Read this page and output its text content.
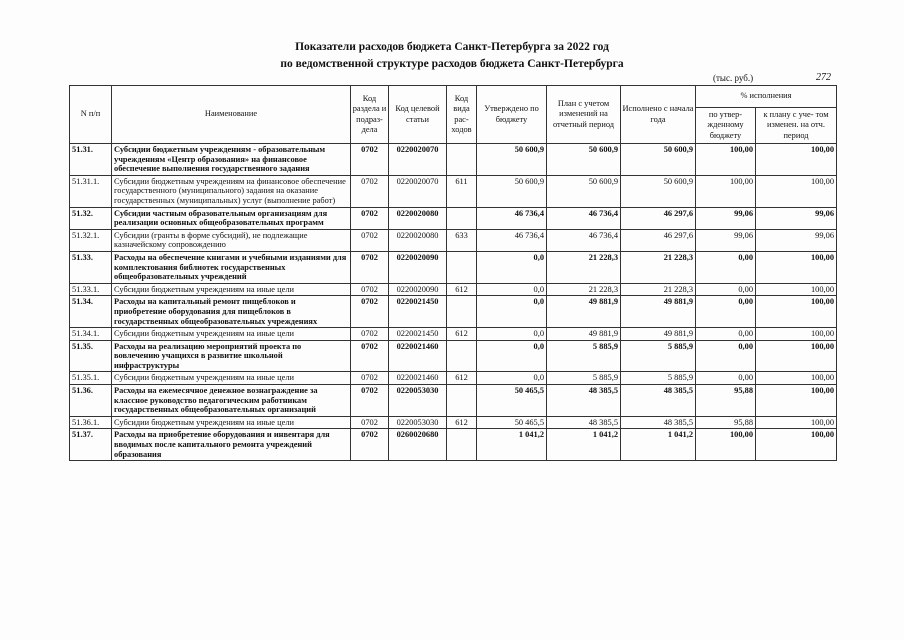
Показатели расходов бюджета Санкт-Петербурга за 2022 год
по ведомственной структуре расходов бюджета Санкт-Петербурга
(тыс. руб.)	272
N п/п	Наименование	Код раздела и подраз- дела	Код целевой статьи	Код вида рас- ходов	Утверждено по бюджету	План с учетом изменений на отчетный период	Исполнено с начала года	% исполнения	
								по утвер- жденному бюджету	к плану с уче- том изменен. на отч. период
51.31.	Субсидии бюджетным учреждениям - образовательным учреждениям «Центр образования» на финансовое обеспечение выполнения государственного задания	0702	0220020070		50 600,9	50 600,9	50 600,9	100,00	100,00
51.31.1.	Субсидии бюджетным учреждениям на финансовое обеспечение государственного (муниципального) задания на оказание государственных (муниципальных) услуг (выполнение работ)	0702	0220020070	611	50 600,9	50 600,9	50 600,9	100,00	100,00
51.32.	Субсидии частным образовательным организациям для реализации основных общеобразовательных программ	0702	0220020080		46 736,4	46 736,4	46 297,6	99,06	99,06
51.32.1.	Субсидии (гранты в форме субсидий), не подлежащие казначейскому сопровождению	0702	0220020080	633	46 736,4	46 736,4	46 297,6	99,06	99,06
51.33.	Расходы на обеспечение книгами и учебными изданиями для комплектования библиотек государственных общеобразовательных учреждений	0702	0220020090		0,0	21 228,3	21 228,3	0,00	100,00
51.33.1.	Субсидии бюджетным учреждениям на иные цели	0702	0220020090	612	0,0	21 228,3	21 228,3	0,00	100,00
51.34.	Расходы на капитальный ремонт пищеблоков и приобретение оборудования для пищеблоков в государственных общеобразовательных учреждениях	0702	0220021450		0,0	49 881,9	49 881,9	0,00	100,00
51.34.1.	Субсидии бюджетным учреждениям на иные цели	0702	0220021450	612	0,0	49 881,9	49 881,9	0,00	100,00
51.35.	Расходы на реализацию мероприятий проекта по вовлечению учащихся в развитие школьной инфраструктуры	0702	0220021460		0,0	5 885,9	5 885,9	0,00	100,00
51.35.1.	Субсидии бюджетным учреждениям на иные цели	0702	0220021460	612	0,0	5 885,9	5 885,9	0,00	100,00
51.36.	Расходы на ежемесячное денежное вознаграждение за классное руководство педагогическим работникам государственных общеобразовательных организаций	0702	0220053030		50 465,5	48 385,5	48 385,5	95,88	100,00
51.36.1.	Субсидии бюджетным учреждениям на иные цели	0702	0220053030	612	50 465,5	48 385,5	48 385,5	95,88	100,00
51.37.	Расходы на приобретение оборудования и инвентаря для вводимых после капитального ремонта учреждений образования	0702	0260020680		1 041,2	1 041,2	1 041,2	100,00	100,00
